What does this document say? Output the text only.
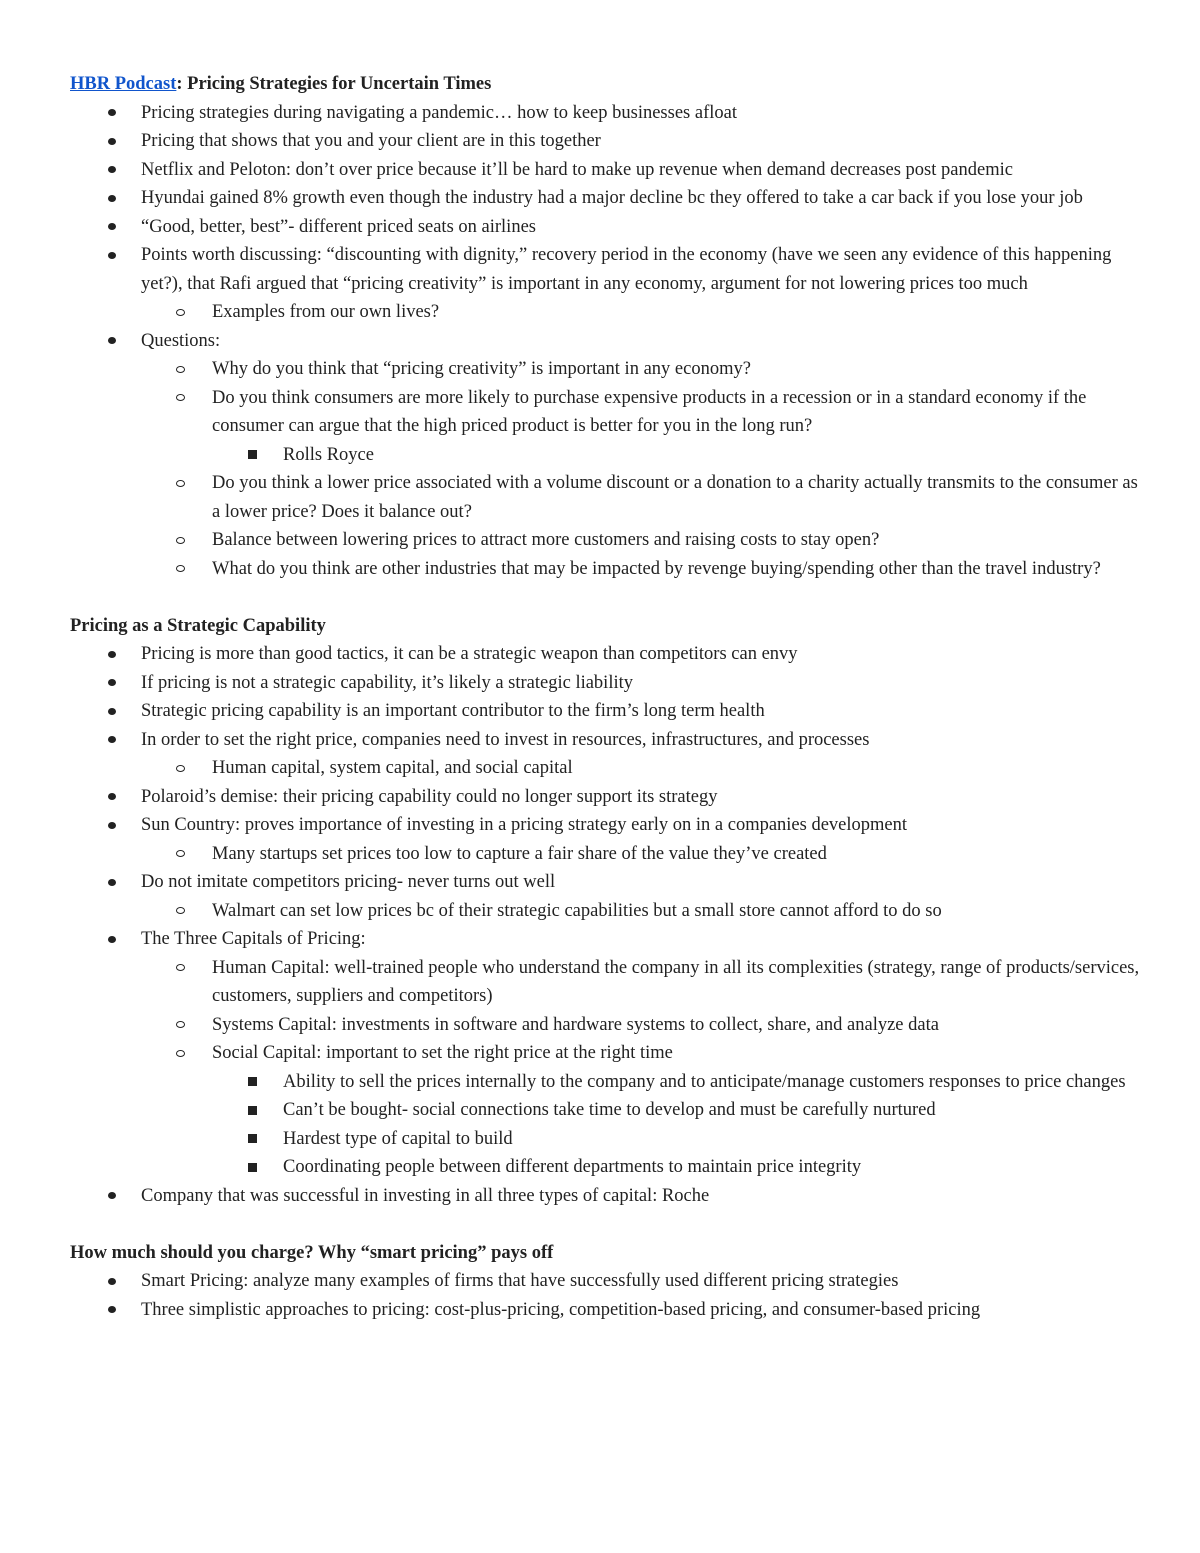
HBR Podcast: Pricing Strategies for Uncertain Times
Pricing strategies during navigating a pandemic… how to keep businesses afloat
Pricing that shows that you and your client are in this together
Netflix and Peloton: don’t over price because it’ll be hard to make up revenue when demand decreases post pandemic
Hyundai gained 8% growth even though the industry had a major decline bc they offered to take a car back if you lose your job
“Good, better, best”- different priced seats on airlines
Points worth discussing: “discounting with dignity,” recovery period in the economy (have we seen any evidence of this happening yet?), that Rafi argued that “pricing creativity” is important in any economy, argument for not lowering prices too much
Examples from our own lives?
Questions:
Why do you think that “pricing creativity” is important in any economy?
Do you think consumers are more likely to purchase expensive products in a recession or in a standard economy if the consumer can argue that the high priced product is better for you in the long run?
Rolls Royce
Do you think a lower price associated with a volume discount or a donation to a charity actually transmits to the consumer as a lower price? Does it balance out?
Balance between lowering prices to attract more customers and raising costs to stay open?
What do you think are other industries that may be impacted by revenge buying/spending other than the travel industry?
Pricing as a Strategic Capability
Pricing is more than good tactics, it can be a strategic weapon than competitors can envy
If pricing is not a strategic capability, it’s likely a strategic liability
Strategic pricing capability is an important contributor to the firm’s long term health
In order to set the right price, companies need to invest in resources, infrastructures, and processes
Human capital, system capital, and social capital
Polaroid’s demise: their pricing capability could no longer support its strategy
Sun Country: proves importance of investing in a pricing strategy early on in a companies development
Many startups set prices too low to capture a fair share of the value they’ve created
Do not imitate competitors pricing- never turns out well
Walmart can set low prices bc of their strategic capabilities but a small store cannot afford to do so
The Three Capitals of Pricing:
Human Capital: well-trained people who understand the company in all its complexities (strategy, range of products/services, customers, suppliers and competitors)
Systems Capital: investments in software and hardware systems to collect, share, and analyze data
Social Capital: important to set the right price at the right time
Ability to sell the prices internally to the company and to anticipate/manage customers responses to price changes
Can’t be bought- social connections take time to develop and must be carefully nurtured
Hardest type of capital to build
Coordinating people between different departments to maintain price integrity
Company that was successful in investing in all three types of capital: Roche
How much should you charge? Why “smart pricing” pays off
Smart Pricing: analyze many examples of firms that have successfully used different pricing strategies
Three simplistic approaches to pricing: cost-plus-pricing, competition-based pricing, and consumer-based pricing
